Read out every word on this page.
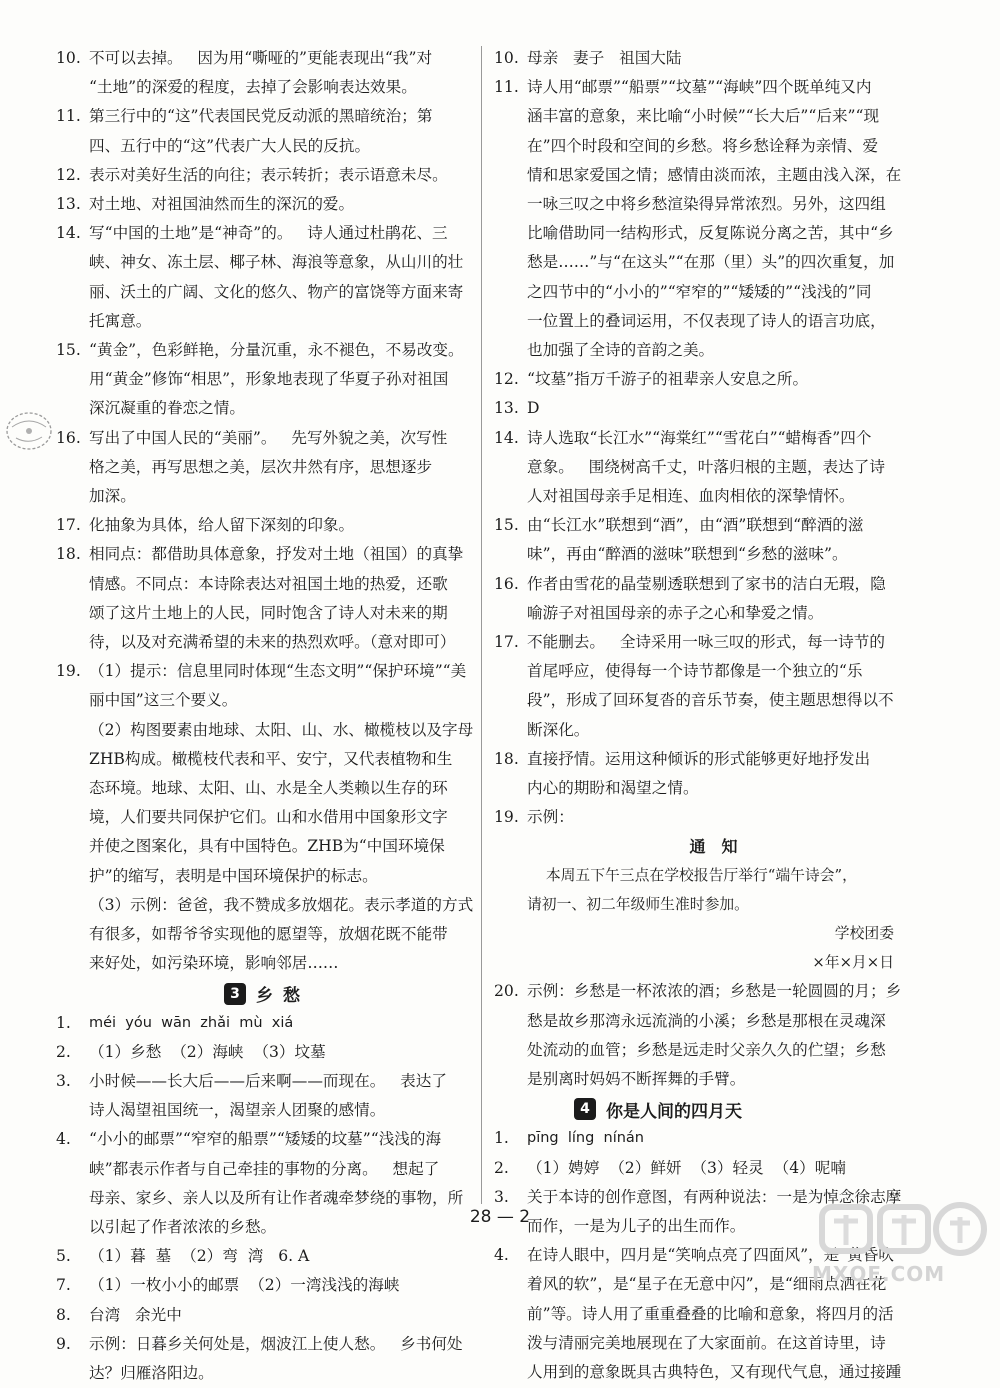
10. 不可以去掉。   因为用“嘶哑的”更能表现出“我”对
“土地”的深爱的程度，去掉了会影响表达效果。
11. 第三行中的“这”代表国民党反动派的黑暗统治；第
四、五行中的“这”代表广大人民的反抗。
12. 表示对美好生活的向往；表示转折；表示语意未尽。
13. 对土地、对祖国油然而生的深沉的爱。
14. 写“中国的土地”是“神奇”的。   诗人通过杜鹃花、三
峡、神女、冻土层、椰子林、海浪等意象，从山川的壮
丽、沃土的广阔、文化的悠久、物产的富饶等方面来寄
托寓意。
15. “黄金”，色彩鲜艳，分量沉重，永不褪色，不易改变。
用“黄金”修饰“相思”，形象地表现了华夏子孙对祖国
深沉凝重的眷恋之情。
16. 写出了中国人民的“美丽”。   先写外貌之美，次写性
格之美，再写思想之美，层次井然有序，思想逐步
加深。
17. 化抽象为具体，给人留下深刻的印象。
18. 相同点：都借助具体意象，抒发对土地（祖国）的真挚
情感。不同点：本诗除表达对祖国土地的热爱，还歌
颂了这片土地上的人民，同时饱含了诗人对未来的期
待，以及对充满希望的未来的热烈欢呼。（意对即可）
19. （1）提示：信息里同时体现“生态文明”“保护环境”“美
丽中国”这三个要义。
（2）构图要素由地球、太阳、山、水、橄榄枝以及字母
ZHB构成。橄榄枝代表和平、安宁，又代表植物和生
态环境。地球、太阳、山、水是全人类赖以生存的环
境，人们要共同保护它们。山和水借用中国象形文字
并使之图案化，具有中国特色。ZHB为“中国环境保
护”的缩写，表明是中国环境保护的标志。
（3）示例：爸爸，我不赞成多放烟花。表示孝道的方式
有很多，如帮爷爷实现他的愿望等，放烟花既不能带
来好处，如污染环境，影响邻居……
3 乡 愁
1.	méi  yóu  wān  zhǎi  mù  xiá
2.	（1）乡愁  （2）海峡  （3）坟墓
3.	小时候——长大后——后来啊——而现在。   表达了
诗人渴望祖国统一，渴望亲人团聚的感情。
4.	“小小的邮票”“窄窄的船票”“矮矮的坟墓”“浅浅的海
峡”都表示作者与自己牵挂的事物的分离。   想起了
母亲、家乡、亲人以及所有让作者魂牵梦绕的事物，所
以引起了作者浓浓的乡愁。
5.	（1）暮  墓  （2）弯  湾   6. A
7.	（1）一枚小小的邮票  （2）一湾浅浅的海峡
8.	台湾   余光中
9.	示例：日暮乡关何处是，烟波江上使人愁。   乡书何处
达？归雁洛阳边。
10. 母亲   妻子   祖国大陆
11. 诗人用“邮票”“船票”“坟墓”“海峡”四个既单纯又内
涵丰富的意象，来比喻“小时候”“长大后”“后来”“现
在”四个时段和空间的乡愁。将乡愁诠释为亲情、爱
情和思家爱国之情；感情由淡而浓，主题由浅入深，在
一咏三叹之中将乡愁渲染得异常浓烈。另外，这四组
比喻借助同一结构形式，反复陈说分离之苦，其中“乡
愁是……”与“在这头”“在那（里）头”的四次重复，加
之四节中的“小小的”“窄窄的”“矮矮的”“浅浅的”同
一位置上的叠词运用，不仅表现了诗人的语言功底，
也加强了全诗的音韵之美。
12. “坟墓”指万千游子的祖辈亲人安息之所。
13. D
14. 诗人选取“长江水”“海棠红”“雪花白”“蜡梅香”四个
意象。   围绕树高千丈，叶落归根的主题，表达了诗
人对祖国母亲手足相连、血肉相依的深挚情怀。
15. 由“长江水”联想到“酒”，由“酒”联想到“醉酒的滋
味”，再由“醉酒的滋味”联想到“乡愁的滋味”。
16. 作者由雪花的晶莹剔透联想到了家书的洁白无瑕，隐
喻游子对祖国母亲的赤子之心和挚爱之情。
17. 不能删去。   全诗采用一咏三叹的形式，每一诗节的
首尾呼应，使得每一个诗节都像是一个独立的“乐
段”，形成了回环复沓的音乐节奏，使主题思想得以不
断深化。
18. 直接抒情。运用这种倾诉的形式能够更好地抒发出
内心的期盼和渴望之情。
19. 示例：
通知
本周五下午三点在学校报告厅举行“端午诗会”，
请初一、初二年级师生准时参加。
学校团委
×年×月×日
20. 示例：乡愁是一杯浓浓的酒；乡愁是一轮圆圆的月；乡
愁是故乡那湾永远流淌的小溪；乡愁是那根在灵魂深
处流动的血管；乡愁是远走时父亲久久的伫望；乡愁
是别离时妈妈不断挥舞的手臂。
4 你是人间的四月天
1.	pīng  líng  nínán
2.	（1）娉婷  （2）鲜妍  （3）轻灵  （4）呢喃
3.	关于本诗的创作意图，有两种说法：一是为悼念徐志摩
而作，一是为儿子的出生而作。
4.	在诗人眼中，四月是“笑响点亮了四面风”，是“黄昏吹
着风的软”，是“星子在无意中闪”，是“细雨点洒在花
前”等。诗人用了重重叠叠的比喻和意象，将四月的活
泼与清丽完美地展现在了大家面前。在这首诗里，诗
人用到的意象既具古典特色，又有现代气息，通过接踵
28 — 2
MXQE.COM
